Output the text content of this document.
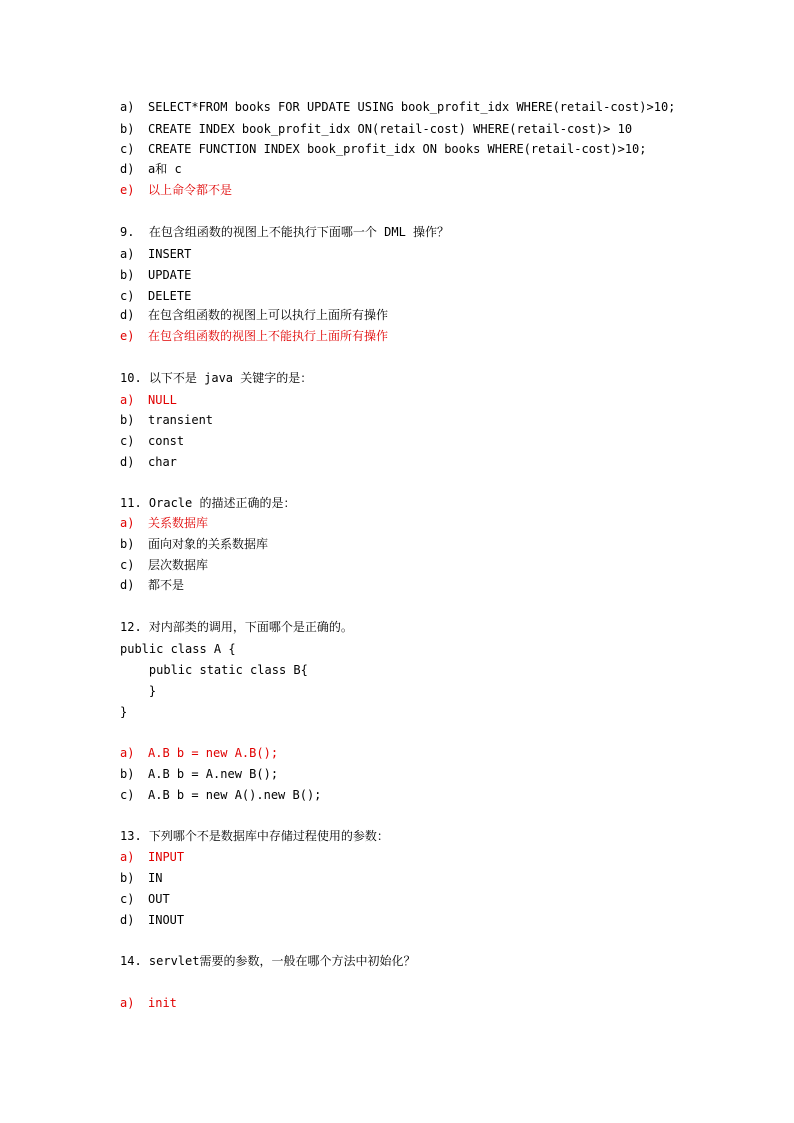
a) SELECT*FROM books FOR UPDATE USING book_profit_idx WHERE(retail-cost)>10;
b) CREATE INDEX book_profit_idx ON(retail-cost) WHERE(retail-cost)> 10
c) CREATE FUNCTION INDEX book_profit_idx ON books WHERE(retail-cost)>10;
d) a和 c
e) 以上命令都不是
9.  在包含组函数的视图上不能执行下面哪一个 DML 操作？
a) INSERT
b) UPDATE
c) DELETE
d) 在包含组函数的视图上可以执行上面所有操作
e) 在包含组函数的视图上不能执行上面所有操作
10. 以下不是 java 关键字的是：
a) NULL
b) transient
c) const
d) char
11. Oracle 的描述正确的是：
a) 关系数据库
b) 面向对象的关系数据库
c) 层次数据库
d) 都不是
12. 对内部类的调用，下面哪个是正确的。
public class A {
public static class B{
}
}
a) A.B b = new A.B();
b) A.B b = A.new B();
c) A.B b = new A().new B();
13. 下列哪个不是数据库中存储过程使用的参数：
a) INPUT
b) IN
c) OUT
d) INOUT
14. servlet需要的参数，一般在哪个方法中初始化？
a) init
